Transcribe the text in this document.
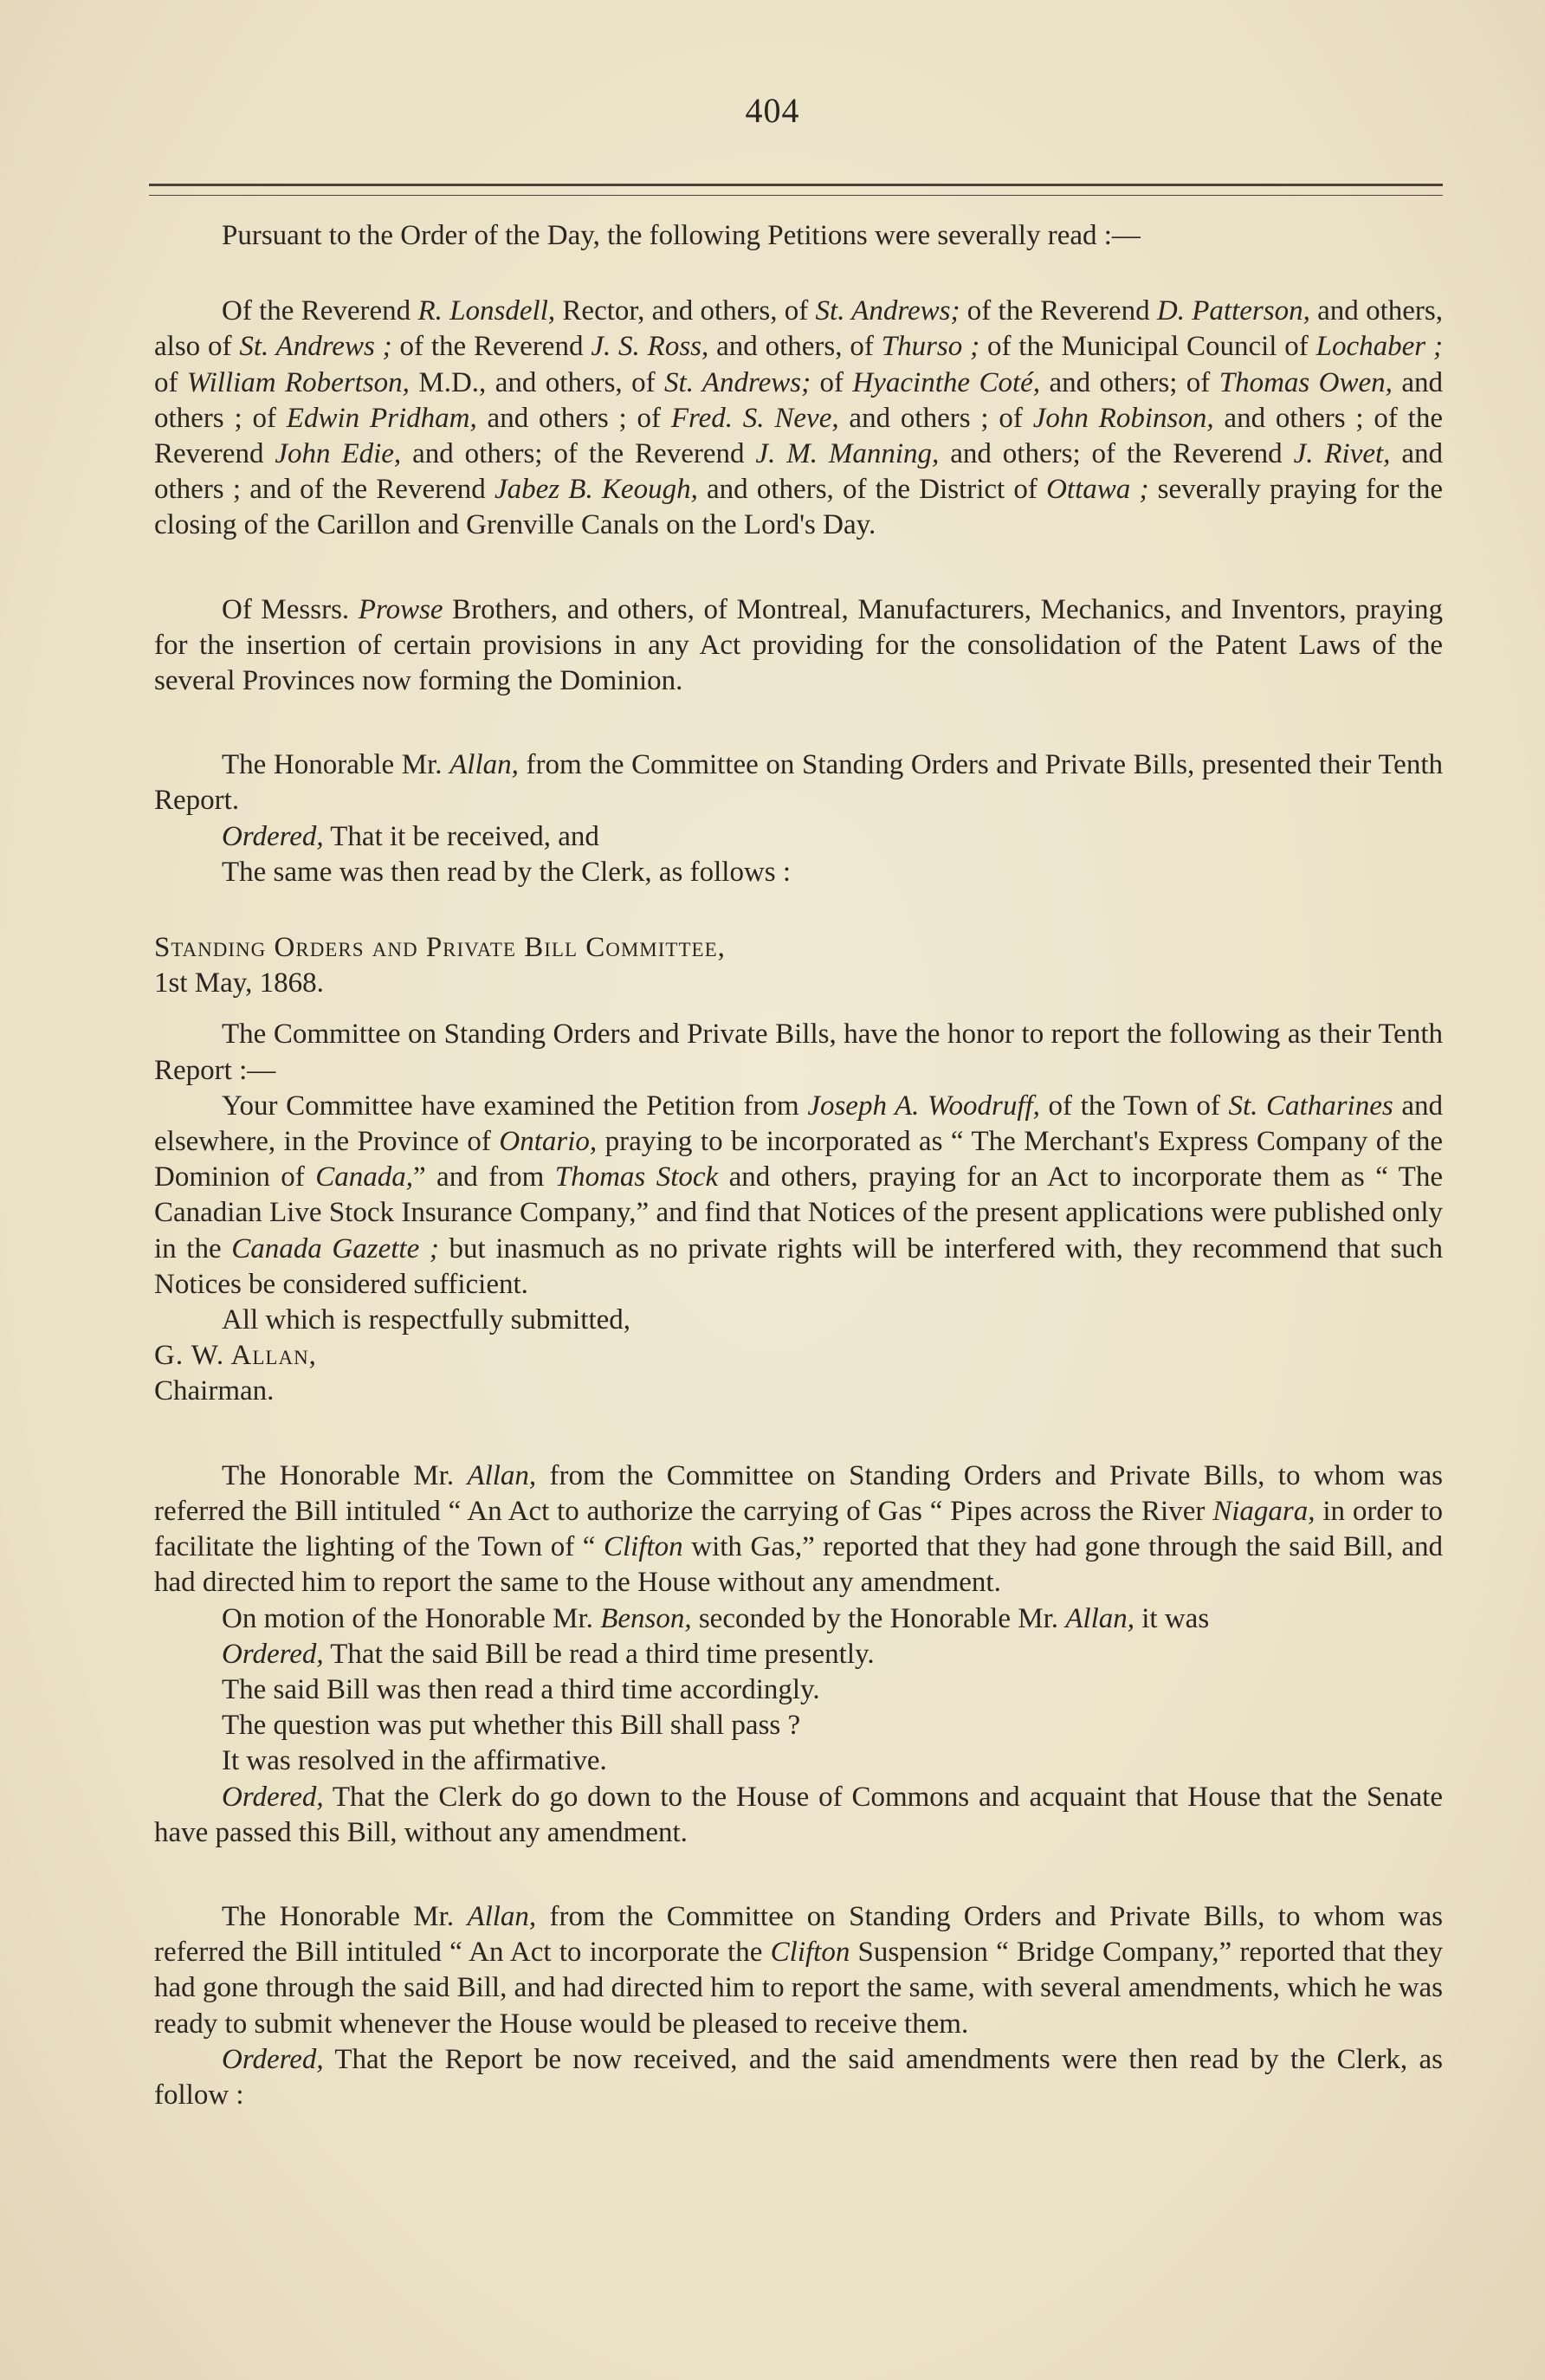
404

Pursuant to the Order of the Day, the following Petitions were severally read :—

Of the Reverend R. Lonsdell, Rector, and others, of St. Andrews; of the Reverend D. Patterson, and others, also of St. Andrews ; of the Reverend J. S. Ross, and others, of Thurso ; of the Municipal Council of Lochaber ; of William Robertson, M.D., and others, of St. Andrews; of Hyacinthe Coté, and others; of Thomas Owen, and others ; of Edwin Pridham, and others ; of Fred. S. Neve, and others ; of John Robinson, and others ; of the Reverend John Edie, and others; of the Reverend J. M. Manning, and others; of the Reverend J. Rivet, and others ; and of the Reverend Jabez B. Keough, and others, of the District of Ottawa ; severally praying for the closing of the Carillon and Grenville Canals on the Lord's Day.

Of Messrs. Prowse Brothers, and others, of Montreal, Manufacturers, Mechanics, and Inventors, praying for the insertion of certain provisions in any Act providing for the consolidation of the Patent Laws of the several Provinces now forming the Dominion.

The Honorable Mr. Allan, from the Committee on Standing Orders and Private Bills, presented their Tenth Report.

Ordered, That it be received, and

The same was then read by the Clerk, as follows :

Standing Orders and Private Bill Committee,

1st May, 1868.

The Committee on Standing Orders and Private Bills, have the honor to report the following as their Tenth Report :—

Your Committee have examined the Petition from Joseph A. Woodruff, of the Town of St. Catharines and elsewhere, in the Province of Ontario, praying to be incorporated as “ The Merchant's Express Company of the Dominion of Canada,” and from Thomas Stock and others, praying for an Act to incorporate them as “ The Canadian Live Stock Insurance Company,” and find that Notices of the present applications were published only in the Canada Gazette ; but inasmuch as no private rights will be interfered with, they recommend that such Notices be considered sufficient.

All which is respectfully submitted,

G. W. Allan,

Chairman.

The Honorable Mr. Allan, from the Committee on Standing Orders and Private Bills, to whom was referred the Bill intituled “ An Act to authorize the carrying of Gas “ Pipes across the River Niagara, in order to facilitate the lighting of the Town of “ Clifton with Gas,” reported that they had gone through the said Bill, and had directed him to report the same to the House without any amendment.

On motion of the Honorable Mr. Benson, seconded by the Honorable Mr. Allan, it was

Ordered, That the said Bill be read a third time presently.

The said Bill was then read a third time accordingly.

The question was put whether this Bill shall pass ?

It was resolved in the affirmative.

Ordered, That the Clerk do go down to the House of Commons and acquaint that House that the Senate have passed this Bill, without any amendment.

The Honorable Mr. Allan, from the Committee on Standing Orders and Private Bills, to whom was referred the Bill intituled “ An Act to incorporate the Clifton Suspension “ Bridge Company,” reported that they had gone through the said Bill, and had directed him to report the same, with several amendments, which he was ready to submit whenever the House would be pleased to receive them.

Ordered, That the Report be now received, and the said amendments were then read by the Clerk, as follow :
